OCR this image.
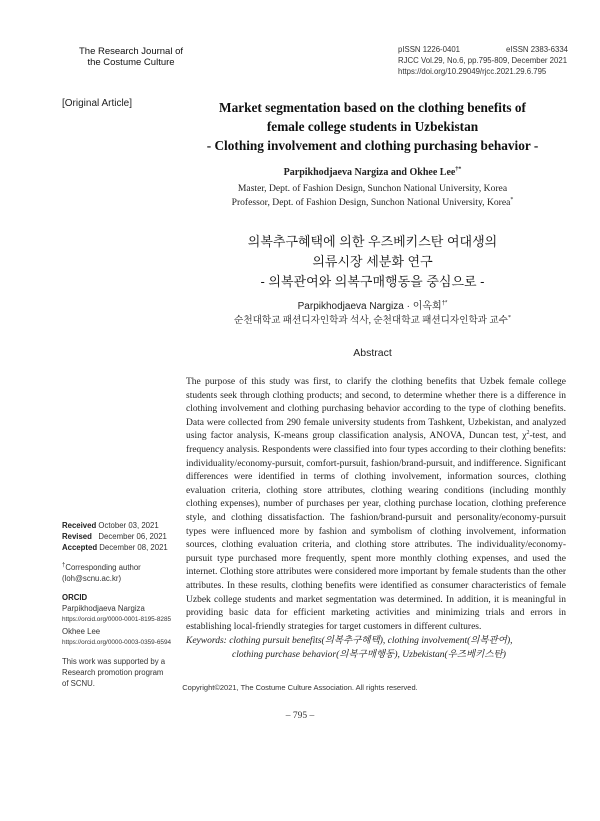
The Research Journal of
the Costume Culture
pISSN 1226-0401	eISSN 2383-6334
RJCC Vol.29, No.6, pp.795-809, December 2021
https://doi.org/10.29049/rjcc.2021.29.6.795
[Original Article]	Market segmentation based on the clothing benefits of
female college students in Uzbekistan
- Clothing involvement and clothing purchasing behavior -
Parpikhodjaeva Nargiza and Okhee Lee†*
Master, Dept. of Fashion Design, Sunchon National University, Korea
Professor, Dept. of Fashion Design, Sunchon National University, Korea*
의복추구혜택에 의한 우즈베키스탄 여대생의
의류시장 세분화 연구
- 의복관여와 의복구매행동을 중심으로 -
Parpikhodjaeva Nargiza · 이옥희†*
순천대학교 패션디자인학과 석사, 순천대학교 패션디자인학과 교수*
Abstract
The purpose of this study was first, to clarify the clothing benefits that Uzbek female college students seek through clothing products; and second, to determine whether there is a difference in clothing involvement and clothing purchasing behavior according to the type of clothing benefits. Data were collected from 290 female university students from Tashkent, Uzbekistan, and analyzed using factor analysis, K-means group classification analysis, ANOVA, Duncan test, $\chi^2$-test, and frequency analysis. Respondents were classified into four types according to their clothing benefits: individuality/economy-pursuit, comfort-pursuit, fashion/brand-pursuit, and indifference. Significant differences were identified in terms of clothing involvement, information sources, clothing evaluation criteria, clothing store attributes, clothing wearing conditions (including monthly clothing expenses), number of purchases per year, clothing purchase location, clothing preference style, and clothing dissatisfaction. The fashion/brand-pursuit and personality/economy-pursuit types were influenced more by fashion and symbolism of clothing involvement, information sources, clothing evaluation criteria, and clothing store attributes. The individuality/economy-pursuit type purchased more frequently, spent more monthly clothing expenses, and used the internet. Clothing store attributes were considered more important by female students than the other attributes. In these results, clothing benefits were identified as consumer characteristics of female Uzbek college students and market segmentation was determined. In addition, it is meaningful in providing basic data for efficient marketing activities and minimizing trials and errors in establishing local-friendly strategies for target customers in different cultures.
Keywords: clothing pursuit benefits(의복추구혜택), clothing involvement(의복관여),
clothing purchase behavior(의복구매행동), Uzbekistan(우즈베키스탄)
Received October 03, 2021
Revised December 06, 2021
Accepted December 08, 2021
†Corresponding author
(loh@scnu.ac.kr)
ORCID
Parpikhodjaeva Nargiza
https://orcid.org/0000-0001-8195-8285
Okhee Lee
https://orcid.org/0000-0003-0359-6594
This work was supported by a
Research promotion program
of SCNU.	Copyright©2021, The Costume Culture Association. All rights reserved.
– 795 –
